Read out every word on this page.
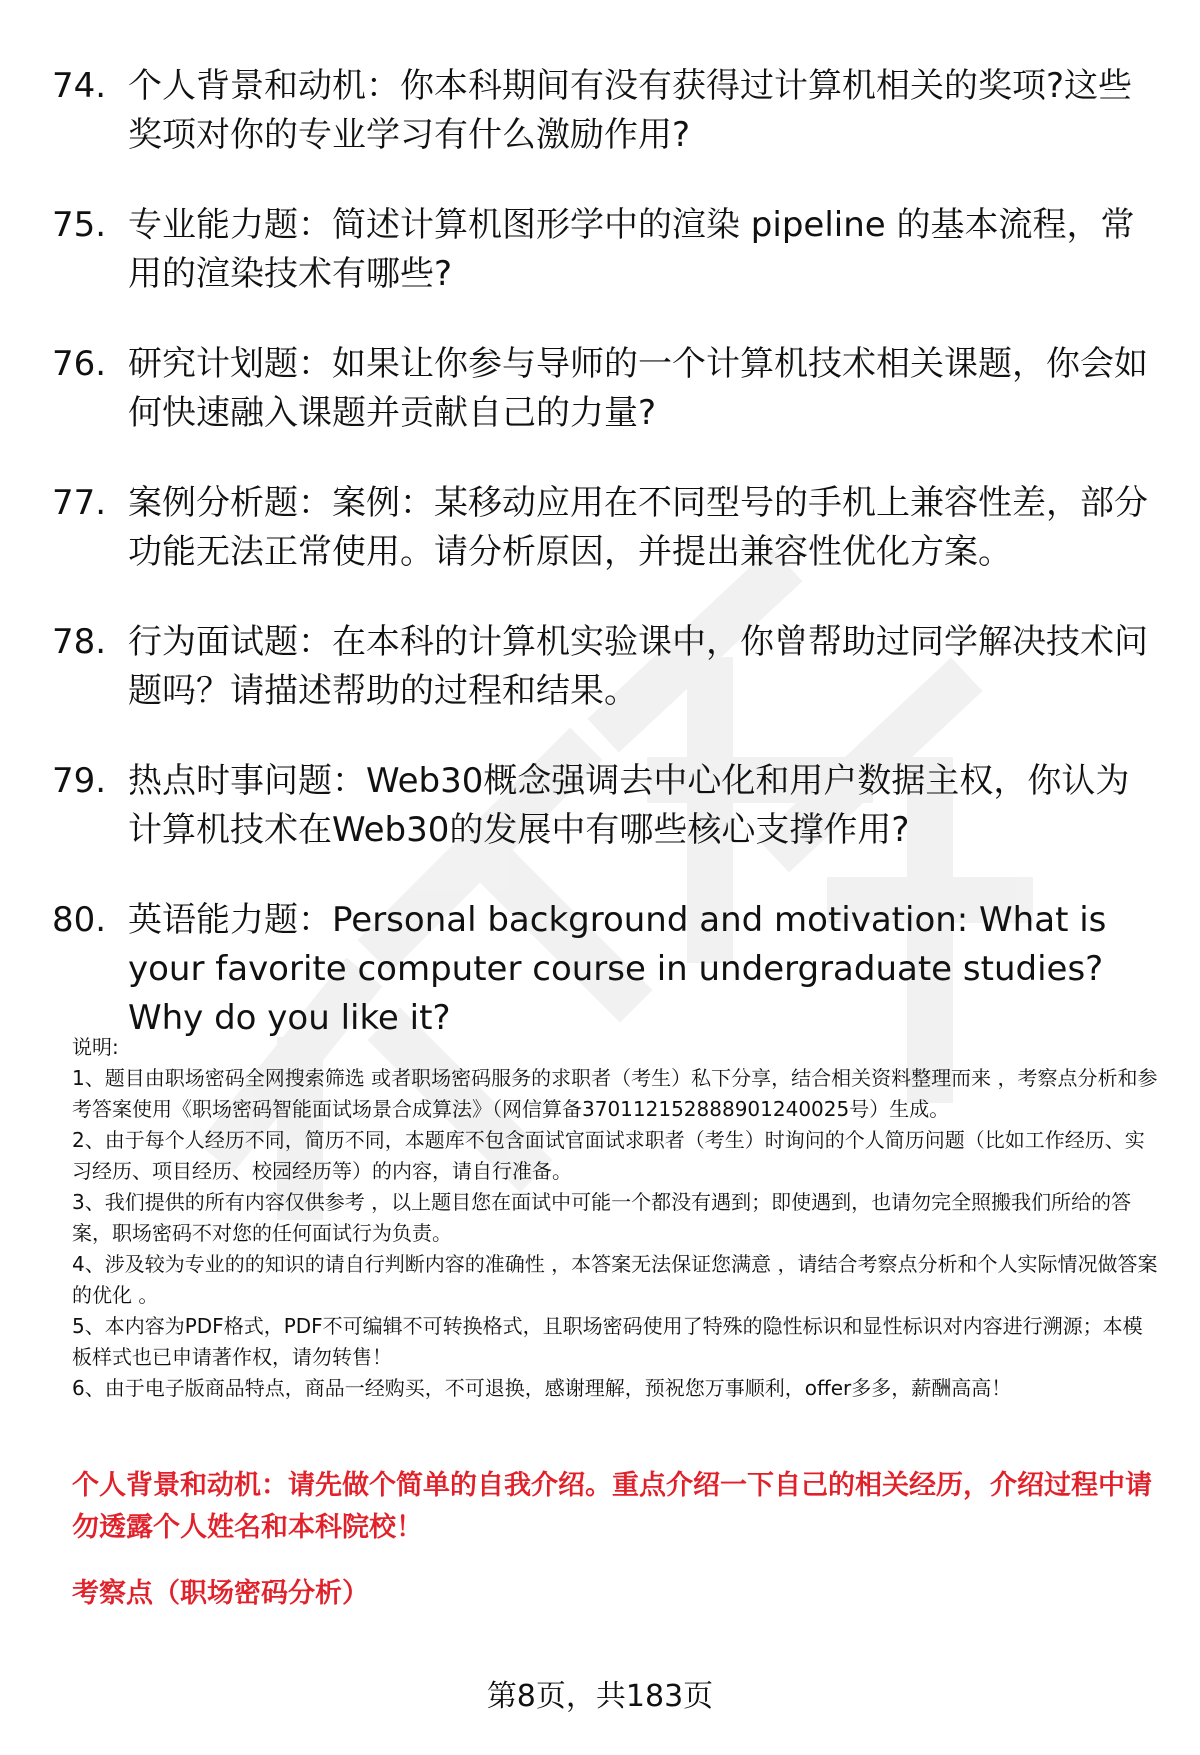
74. 个人背景和动机：你本科期间有没有获得过计算机相关的奖项?这些奖项对你的专业学习有什么激励作用?
75. 专业能力题：简述计算机图形学中的渲染 pipeline 的基本流程，常用的渲染技术有哪些?
76. 研究计划题：如果让你参与导师的一个计算机技术相关课题，你会如何快速融入课题并贡献自己的力量?
77. 案例分析题：案例：某移动应用在不同型号的手机上兼容性差，部分功能无法正常使用。请分析原因，并提出兼容性优化方案。
78. 行为面试题：在本科的计算机实验课中，你曾帮助过同学解决技术问题吗？请描述帮助的过程和结果。
79. 热点时事问题：Web30概念强调去中心化和用户数据主权，你认为计算机技术在Web30的发展中有哪些核心支撑作用?
80. 英语能力题：Personal background and motivation: What is your favorite computer course in undergraduate studies? Why do you like it?

说明:

1、题目由职场密码全网搜索筛选 或者职场密码服务的求职者（考生）私下分享，结合相关资料整理而来 ，考察点分析和参考答案使用《职场密码智能面试场景合成算法》（网信算备370112152888901240025号）生成。

2、由于每个人经历不同，简历不同，本题库不包含面试官面试求职者（考生）时询问的个人简历问题（比如工作经历、实习经历、项目经历、校园经历等）的内容，请自行准备。

3、我们提供的所有内容仅供参考 ，以上题目您在面试中可能一个都没有遇到；即使遇到，也请勿完全照搬我们所给的答案，职场密码不对您的任何面试行为负责。

4、涉及较为专业的的知识的请自行判断内容的准确性 ，本答案无法保证您满意 ，请结合考察点分析和个人实际情况做答案的优化 。

5、本内容为PDF格式，PDF不可编辑不可转换格式，且职场密码使用了特殊的隐性标识和显性标识对内容进行溯源；本模板样式也已申请著作权，请勿转售！

6、由于电子版商品特点，商品一经购买，不可退换，感谢理解，预祝您万事顺利，offer多多，薪酬高高！

个人背景和动机：请先做个简单的自我介绍。重点介绍一下自己的相关经历，介绍过程中请勿透露个人姓名和本科院校！

考察点（职场密码分析）

第8页，共183页
